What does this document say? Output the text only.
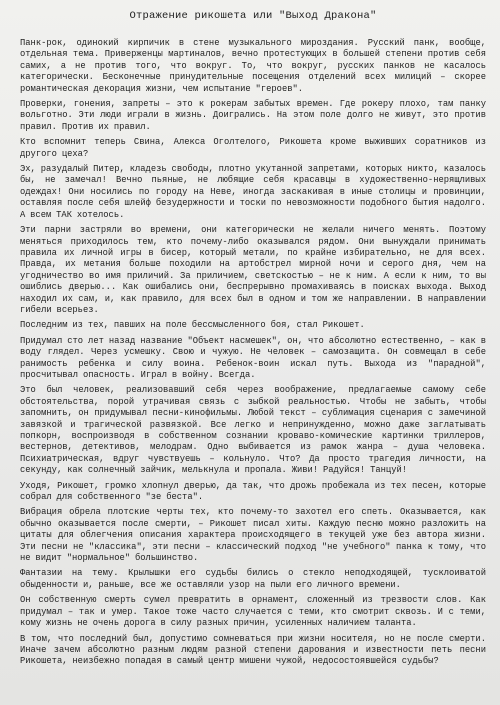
Отражение рикошета или "Выход Дракона"

Панк-рок, одинокий кирпичик в стене музыкального мироздания. Русский панк, вообще, отдельная тема. Приверженцы мартиналов, вечно протестующих в большей степени против себя самих, а не против того, что вокруг. То, что вокруг, русских панков не касалось категорически. Бесконечные принудительные посещения отделений всех милиций – скорее романтическая декорация жизни, чем испытание "героев".

Проверки, гонения, запреты – это к рокерам забытых времен. Где рокеру плохо, там панку вольготно. Эти люди играли в жизнь. Доигрались. На этом поле долго не живут, это против правил. Против их правил.

Кто вспомнит теперь Свина, Алекса Оголтелого, Рикошета кроме выживших соратников из другого цеха?

Эх, разудалый Питер, кладезь свободы, плотно укутанной запретами, которых никто, казалось бы, не замечал! Вечно пьяные, не любящие себя красавцы в художественно-нерящливых одеждах! Они носились по городу на Неве, иногда заскакивая в иные столицы и провинции, оставляя после себя шлейф безудержности и тоски по невозможности подобного бытия надолго. А всем ТАК хотелось.

Эти парни застряли во времени, они категорически не желали ничего менять. Поэтому меняться приходилось тем, кто почему-либо оказывался рядом. Они вынуждали принимать правила их личной игры в бисер, который метали, по крайне избирательно, не для всех. Правда, их метания больше походили на артобстрел мирной ночи и серого дня, чем на угодничество во имя приличий. За приличием, светскостью – не к ним. А если к ним, то вы ошиблись дверью... Как ошибались они, беспрерывно промахиваясь в поисках выхода. Выход находил их сам, и, как правило, для всех был в одном и том же направлении. В направлении гибели всерьез.

Последним из тех, павших на поле бессмысленного боя, стал Рикошет.

Придумал сто лет назад название "Объект насмешек", он, что абсолютно естественно, – как в воду глядел. Через усмешку. Свою и чужую. Не человек – самозащита. Он совмещал в себе ранимость ребенка и силу воина. Ребенок-воин искал путь. Выхода из "парадной", просчитывал опасность. Играл в войну. Всегда.

Это был человек, реализовавший себя через воображение, предлагаемые самому себе обстоятельства, порой утрачивая связь с зыбкой реальностью. Чтобы не забыть, чтобы запомнить, он придумывал песни-кинофильмы. Любой текст – сублимация сценария с замечиной завязкой и трагической развязкой. Все легко и непринужденно, можно даже заглатывать попкорн, воспроизводя в собственном сознании кроваво-комические картинки триллеров, вестернов, детективов, мелодрам. Одно выбивается из рамок жанра – душа человека. Психиатрическая, вдруг чувствуешь – кольнуло. Что? Да просто трагедия личности, на секунду, как солнечный зайчик, мелькнула и пропала. Живи! Радуйся! Танцуй!

Уходя, Рикошет, громко хлопнул дверью, да так, что дрожь пробежала из тех песен, которые собрал для собственного "зе беста".

Вибрация обрела плотские черты тех, кто почему-то захотел его спеть. Оказывается, как обычно оказывается после смерти, – Рикошет писал хиты. Каждую песню можно разложить на цитаты для облегчения описания характера происходящего в текущей уже без автора жизни. Эти песни не "классика", эти песни – классический подход "не учебного" панка к тому, что не видит "нормальное" большинство.

Фантазии на тему. Крылышки его судьбы бились о стекло неподходящей, тусклоиватой обыденности и, раньше, все же оставляли узор на пыли его личного времени.

Он собственную смерть сумел превратить в орнамент, сложенный из трезвости слов. Как придумал – так и умер. Такое тоже часто случается с теми, кто смотрит сквозь. И с теми, кому жизнь не очень дорога в силу разных причин, усиленных наличием таланта.

В том, что последний был, допустимо сомневаться при жизни носителя, но не после смерти. Иначе зачем абсолютно разным людям разной степени дарования и известности петь песни Рикошета, неизбежно попадая в самый центр мишени чужой, недосостоявшейся судьбы?
